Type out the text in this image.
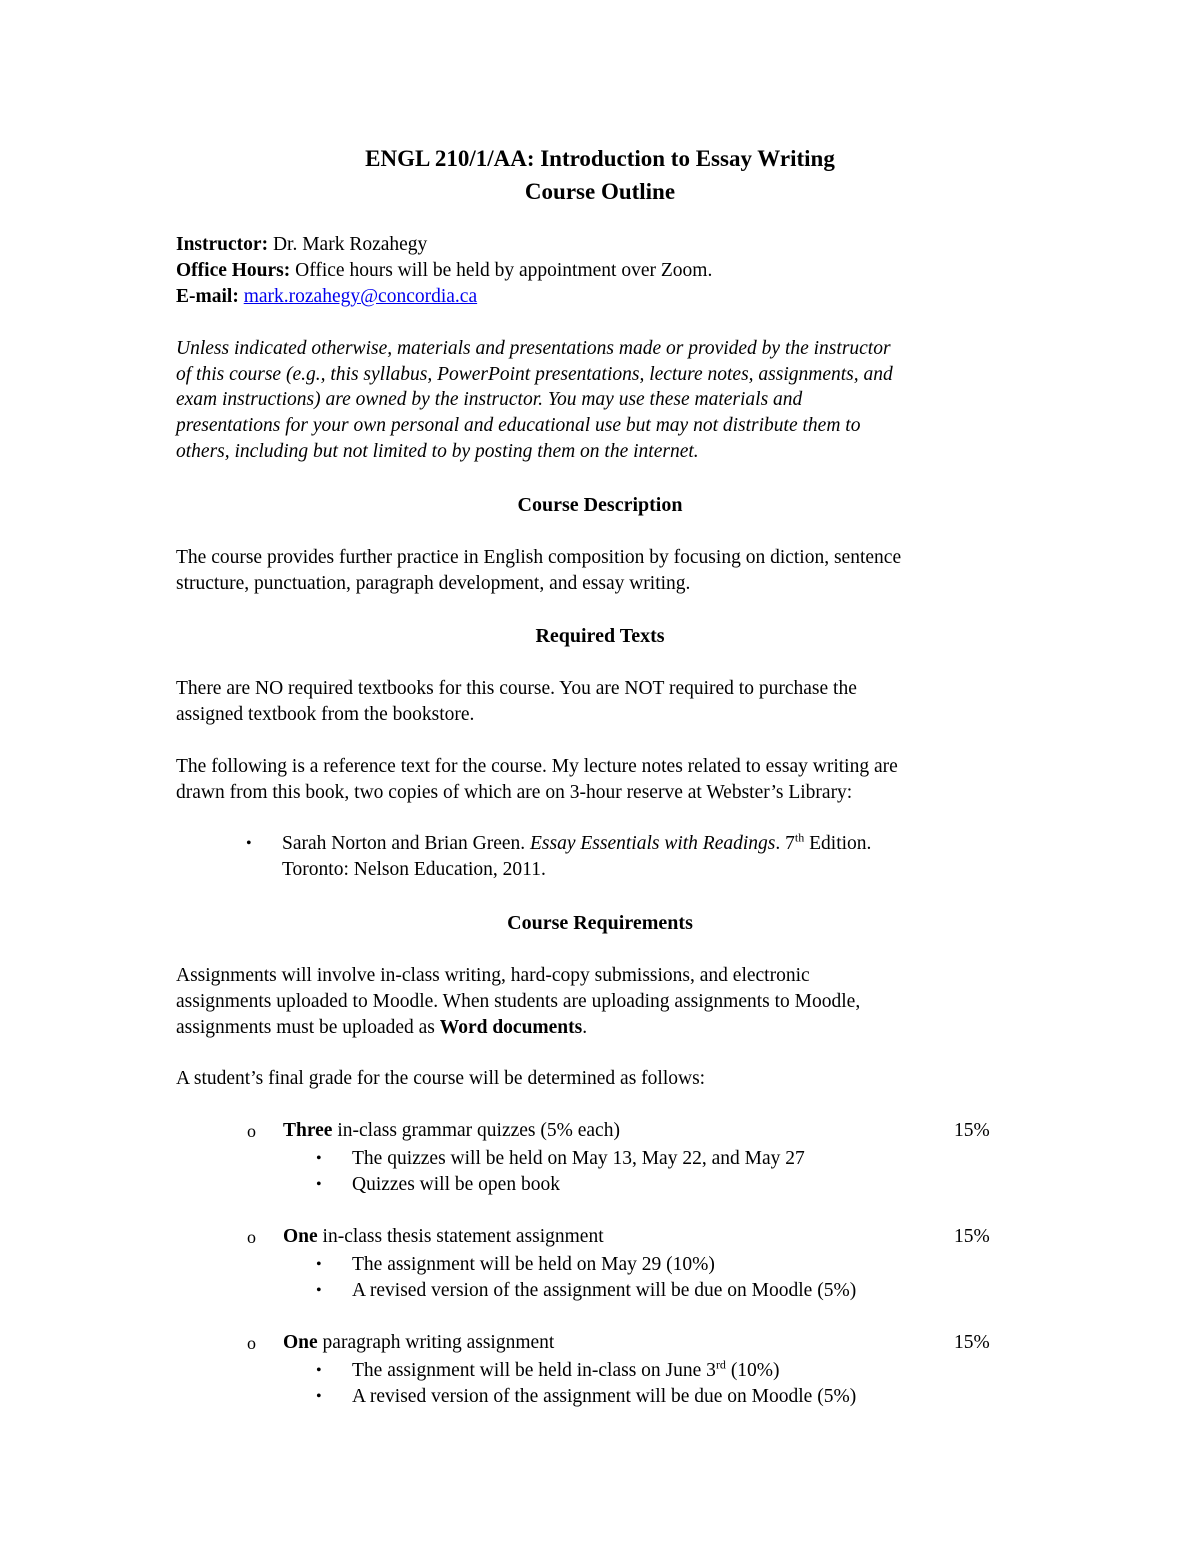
ENGL 210/1/AA: Introduction to Essay Writing
Course Outline
Instructor: Dr. Mark Rozahegy
Office Hours: Office hours will be held by appointment over Zoom.
E-mail: mark.rozahegy@concordia.ca
Unless indicated otherwise, materials and presentations made or provided by the instructor
of this course (e.g., this syllabus, PowerPoint presentations, lecture notes, assignments, and
exam instructions) are owned by the instructor. You may use these materials and
presentations for your own personal and educational use but may not distribute them to
others, including but not limited to by posting them on the internet.
Course Description
The course provides further practice in English composition by focusing on diction, sentence
structure, punctuation, paragraph development, and essay writing.
Required Texts
There are NO required textbooks for this course. You are NOT required to purchase the
assigned textbook from the bookstore.
The following is a reference text for the course. My lecture notes related to essay writing are
drawn from this book, two copies of which are on 3-hour reserve at Webster’s Library:
• Sarah Norton and Brian Green. Essay Essentials with Readings. 7th Edition.
Toronto: Nelson Education, 2011.
Course Requirements
Assignments will involve in-class writing, hard-copy submissions, and electronic
assignments uploaded to Moodle. When students are uploading assignments to Moodle,
assignments must be uploaded as Word documents.
A student’s final grade for the course will be determined as follows:
o Three in-class grammar quizzes (5% each)	15%
• The quizzes will be held on May 13, May 22, and May 27
• Quizzes will be open book
o One in-class thesis statement assignment	15%
• The assignment will be held on May 29 (10%)
• A revised version of the assignment will be due on Moodle (5%)
o One paragraph writing assignment	15%
• The assignment will be held in-class on June 3rd (10%)
• A revised version of the assignment will be due on Moodle (5%)
